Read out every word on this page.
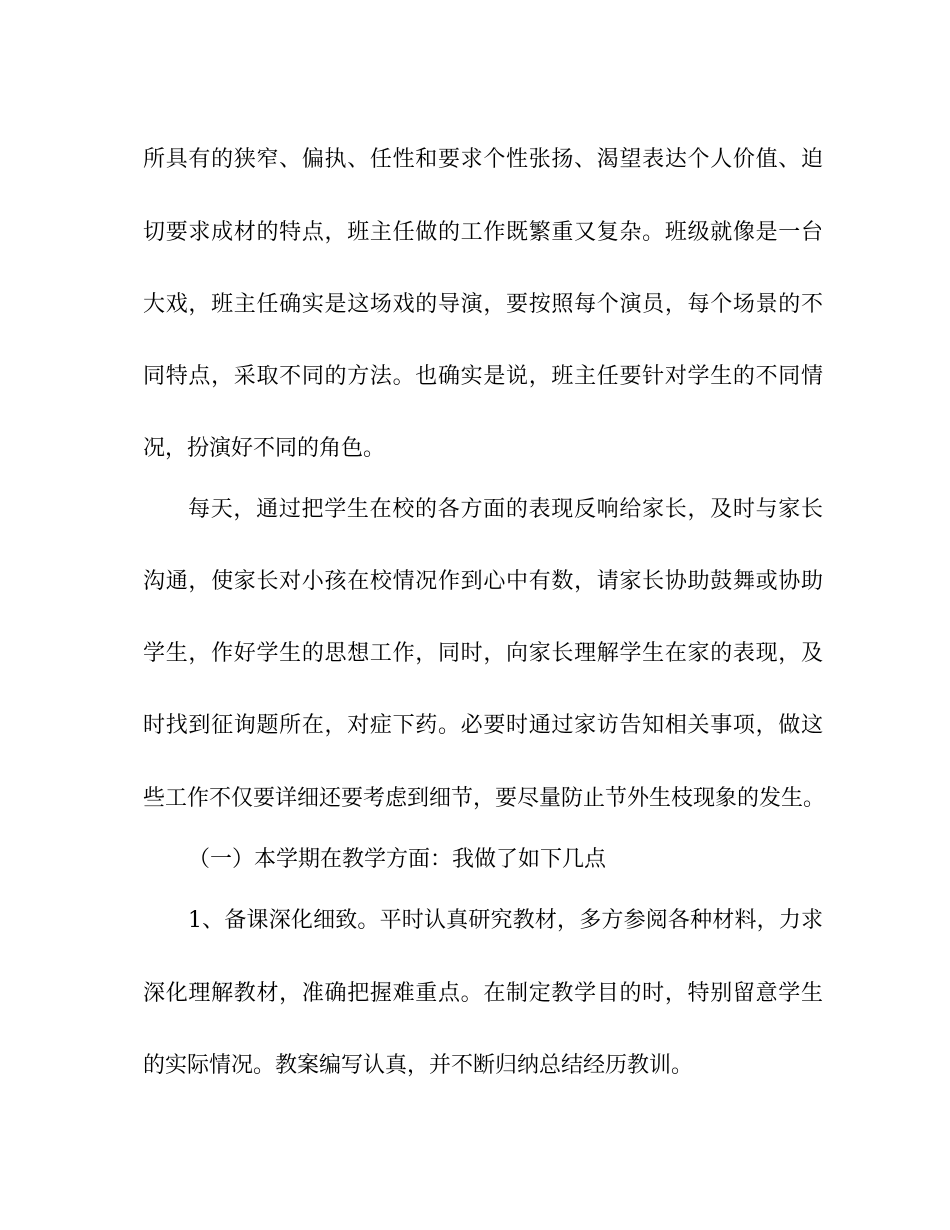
所具有的狭窄、偏执、任性和要求个性张扬、渴望表达个人价值、迫
切要求成材的特点，班主任做的工作既繁重又复杂。班级就像是一台
大戏，班主任确实是这场戏的导演，要按照每个演员，每个场景的不
同特点，采取不同的方法。也确实是说，班主任要针对学生的不同情
况，扮演好不同的角色。
每天，通过把学生在校的各方面的表现反响给家长，及时与家长
沟通，使家长对小孩在校情况作到心中有数，请家长协助鼓舞或协助
学生，作好学生的思想工作，同时，向家长理解学生在家的表现，及
时找到征询题所在，对症下药。必要时通过家访告知相关事项，做这
些工作不仅要详细还要考虑到细节，要尽量防止节外生枝现象的发生。
（一）本学期在教学方面：我做了如下几点
1、备课深化细致。平时认真研究教材，多方参阅各种材料，力求
深化理解教材，准确把握难重点。在制定教学目的时，特别留意学生
的实际情况。教案编写认真，并不断归纳总结经历教训。
